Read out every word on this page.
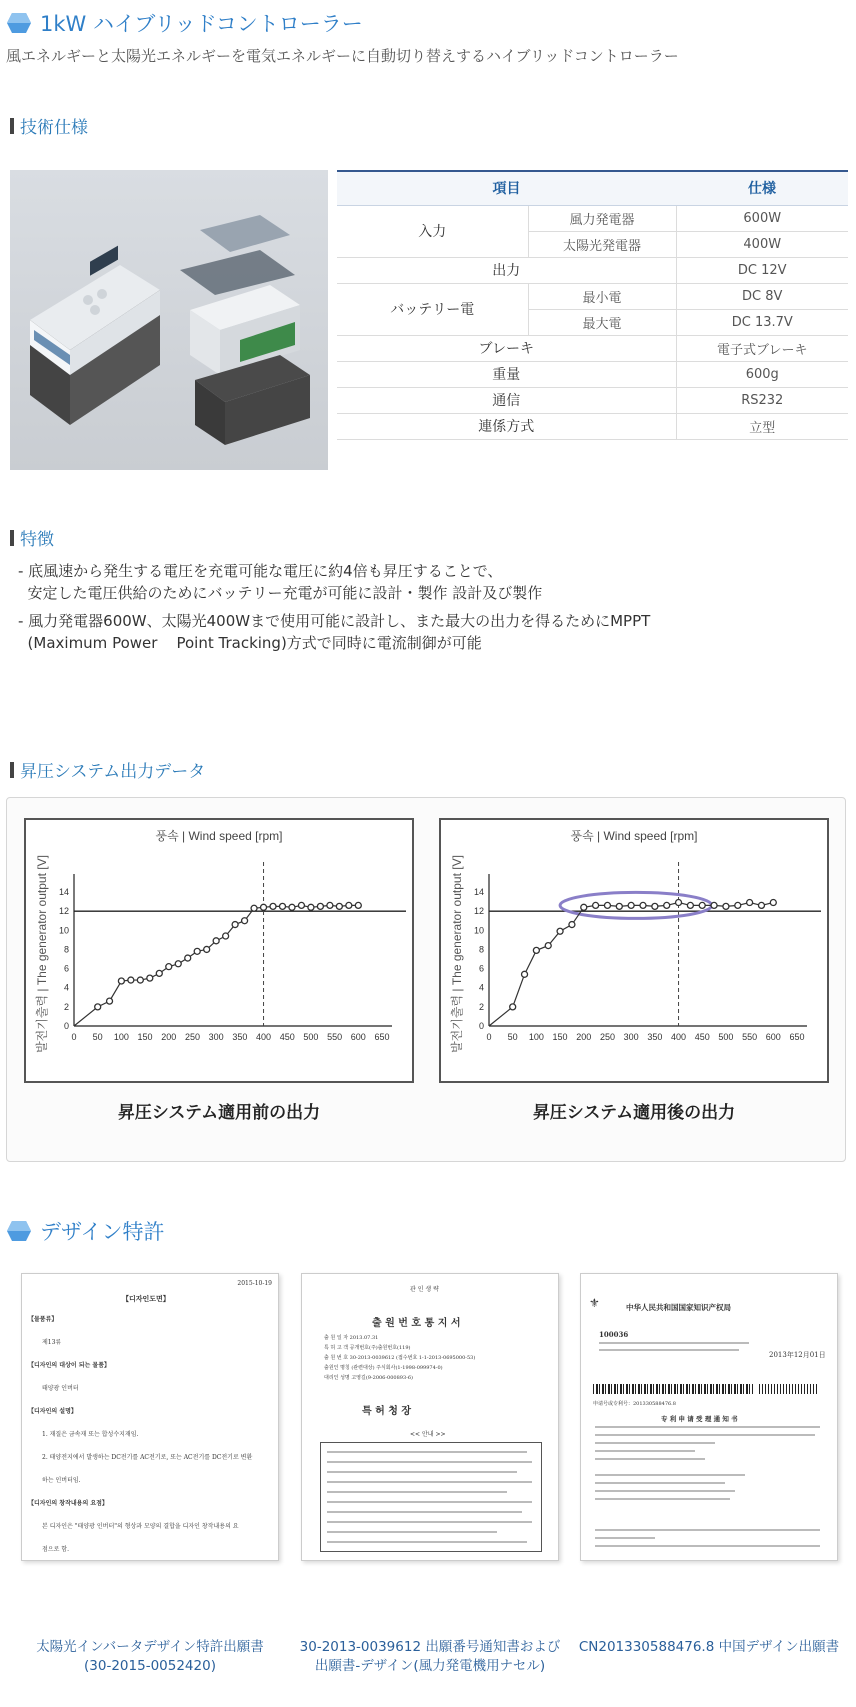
1kW ハイブリッドコントローラー
風エネルギーと太陽光エネルギーを電気エネルギーに自動切り替えするハイブリッドコントローラー
技術仕様
項目		仕様
入力	風力発電器	600W
	太陽光発電器	400W
出力		DC 12V
バッテリー電	最小電	DC 8V
	最大電	DC 13.7V
ブレーキ		電子式ブレーキ
重量		600g
通信		RS232
連係方式		立型
特徴
- 底風速から発生する電圧を充電可能な電圧に約4倍も昇圧することで、
安定した電圧供給のためにバッテリー充電が可能に設計・製作 設計及び製作
- 風力発電器600W、太陽光400Wまで使用可能に設計し、また最大の出力を得るためにMPPT
(Maximum Power    Point Tracking)方式で同時に電流制御が可能
昇圧システム出力データ
풍속 | Wind speed [rpm]
발전기출력 | The generator output [V] 0 50 100 150 200 250 300 350 400 450 500 550 600 650
0
2
4
6
8
10
12
14
풍속 | Wind speed [rpm]
발전기출력 | The generator output [V] 0 50 100 150 200 250 300 350 400 450 500 550 600 650
0
2
4
6
8
10
12
14
昇圧システム適用前の出力	昇圧システム適用後の出力
デザイン特許
2015-10-19
【디자인도면】
【물품류】
제13류
【디자인의 대상이 되는 물품】
태양광 인버터
【디자인의 설명】
1. 재질은 금속재 또는 합성수지재임.
2. 태양전지에서 발생하는 DC전기를 AC전기로, 또는 AC전기를 DC전기로 변환
하는 인버터임.
【디자인의 창작내용의 요점】
본 디자인은 "태양광 인버터"의 형상과 모양의 결합을 디자인 창작내용의 요
점으로 함.
관 인 생 략
출 원 번 호 통 지 서
출 원 일 자 2013.07.31
특 허 고 객 공개번호(주)출원번호(119)
출 원 번 호 30-2013-0039612 (접수번호 1-1-2013-0695000-53)
출원인 명칭 (관련대상) 주식회사(1-1998-099974-0)
대리인 성명 고영길(9-2006-000893-6)
특 허 청 장
<< 안내 >>
⚜	中华人民共和国国家知识产权局
100036
2013年12月01日
申请号或专利号：201330588476.8
专 利 申 请 受 理 通 知 书
太陽光インバータデザイン特許出願書
(30-2015-0052420)
30-2013-0039612 出願番号通知書および
出願書-デザイン(風力発電機用ナセル)
CN201330588476.8 中国デザイン出願書
